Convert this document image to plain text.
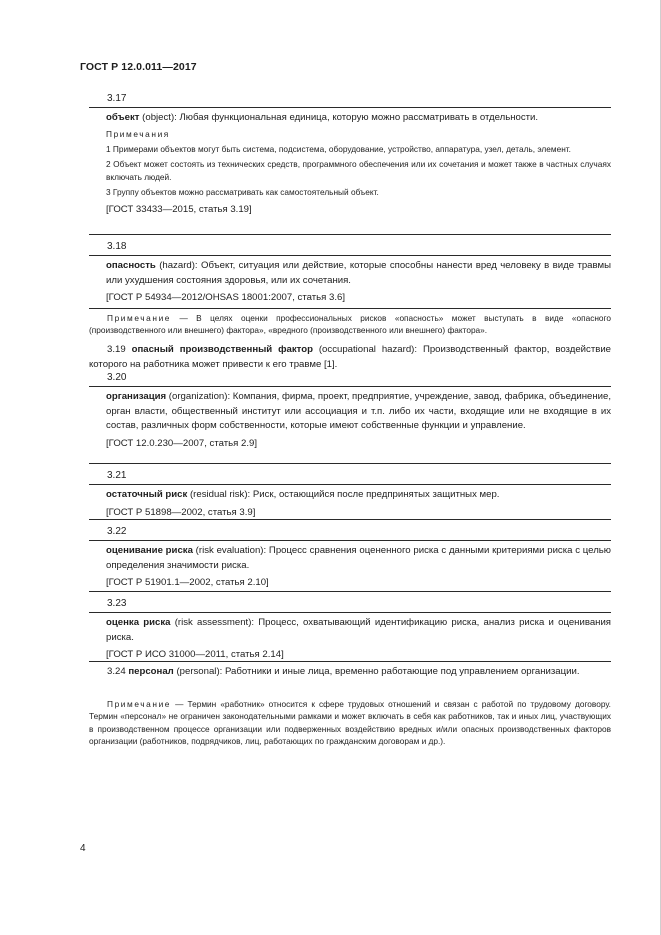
ГОСТ Р 12.0.011—2017
3.17

объект (object): Любая функциональная единица, которую можно рассматривать в отдельности.

Примечания

1 Примерами объектов могут быть система, подсистема, оборудование, устройство, аппаратура, узел, деталь, элемент.

2 Объект может состоять из технических средств, программного обеспечения или их сочетания и может также в частных случаях включать людей.

3 Группу объектов можно рассматривать как самостоятельный объект.

[ГОСТ 33433—2015, статья 3.19]

3.18

опасность (hazard): Объект, ситуация или действие, которые способны нанести вред человеку в виде травмы или ухудшения состояния здоровья, или их сочетания.

[ГОСТ Р 54934—2012/OHSAS 18001:2007, статья 3.6]

Примечание — В целях оценки профессиональных рисков «опасность» может выступать в виде «опасного (производственного или внешнего) фактора», «вредного (производственного или внешнего) фактора».

3.19 опасный производственный фактор (occupational hazard): Производственный фактор, воздействие которого на работника может привести к его травме [1].

3.20

организация (organization): Компания, фирма, проект, предприятие, учреждение, завод, фабрика, объединение, орган власти, общественный институт или ассоциация и т.п. либо их части, входящие или не входящие в их состав, различных форм собственности, которые имеют собственные функции и управление.

[ГОСТ 12.0.230—2007, статья 2.9]

3.21

остаточный риск (residual risk): Риск, остающийся после предпринятых защитных мер.

[ГОСТ Р 51898—2002, статья 3.9]

3.22

оценивание риска (risk evaluation): Процесс сравнения оцененного риска с данными критериями риска с целью определения значимости риска.

[ГОСТ Р 51901.1—2002, статья 2.10]

3.23

оценка риска (risk assessment): Процесс, охватывающий идентификацию риска, анализ риска и оценивания риска.

[ГОСТ Р ИСО 31000—2011, статья 2.14]

3.24 персонал (personal): Работники и иные лица, временно работающие под управлением организации.

Примечание — Термин «работник» относится к сфере трудовых отношений и связан с работой по трудовому договору. Термин «персонал» не ограничен законодательными рамками и может включать в себя как работников, так и иных лиц, участвующих в производственном процессе организации или подверженных воздействию вредных и/или опасных производственных факторов организации (работников, подрядчиков, лиц, работающих по гражданским договорам и др.).

4
